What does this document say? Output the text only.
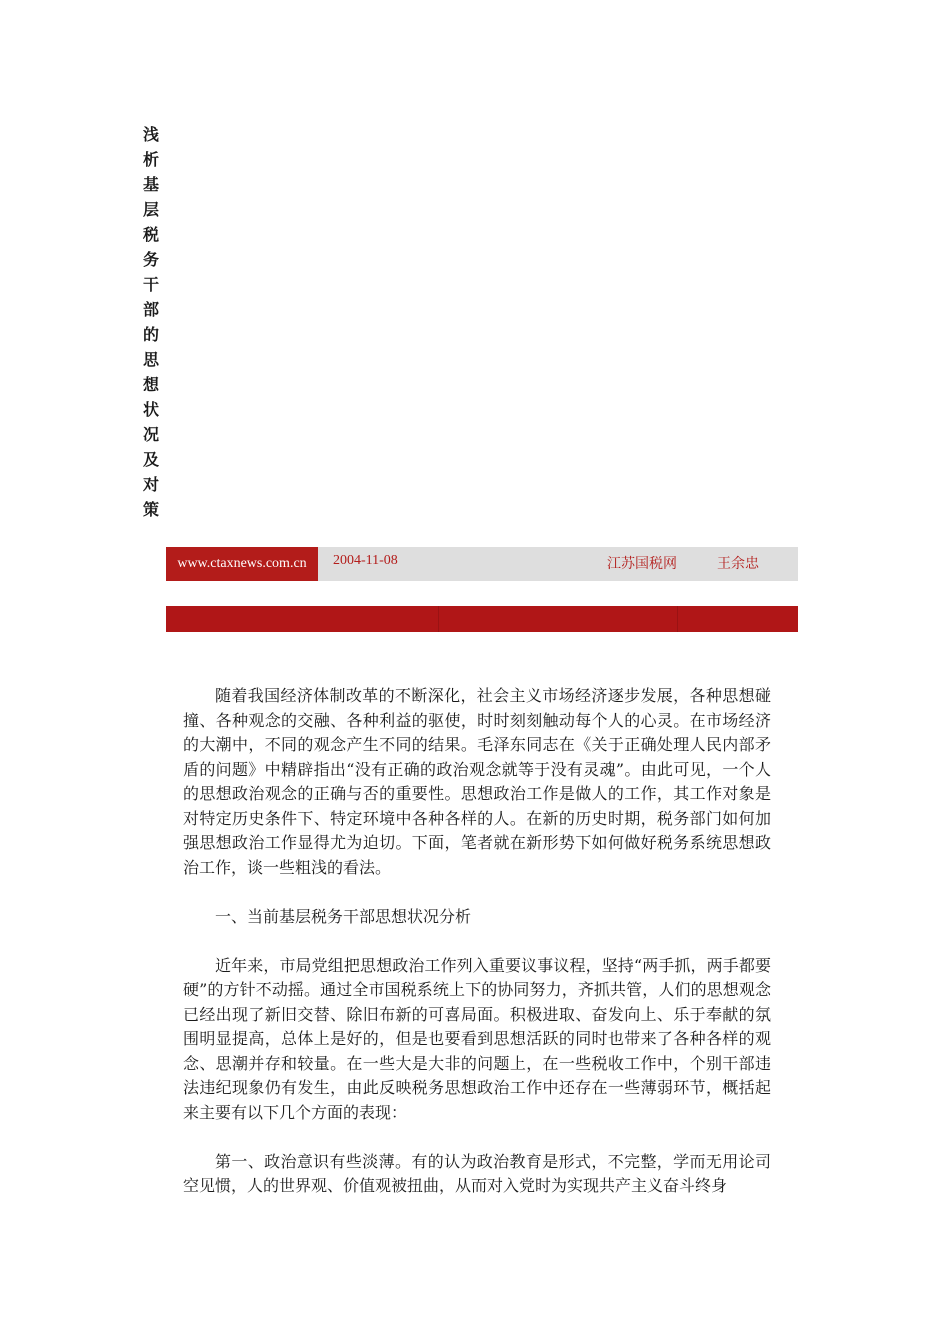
浅
析
基
层
税
务
干
部
的
思
想
状
况
及
对
策
www.ctaxnews.com.cn	2004-11-08	江苏国税网	王余忠

随着我国经济体制改革的不断深化，社会主义市场经济逐步发展，各种思想碰撞、各种观念的交融、各种利益的驱使，时时刻刻触动每个人的心灵。在市场经济的大潮中，不同的观念产生不同的结果。毛泽东同志在《关于正确处理人民内部矛盾的问题》中精辟指出“没有正确的政治观念就等于没有灵魂”。由此可见，一个人的思想政治观念的正确与否的重要性。思想政治工作是做人的工作，其工作对象是对特定历史条件下、特定环境中各种各样的人。在新的历史时期，税务部门如何加强思想政治工作显得尤为迫切。下面，笔者就在新形势下如何做好税务系统思想政治工作，谈一些粗浅的看法。

一、当前基层税务干部思想状况分析

近年来，市局党组把思想政治工作列入重要议事议程，坚持“两手抓，两手都要硬”的方针不动摇。通过全市国税系统上下的协同努力，齐抓共管，人们的思想观念已经出现了新旧交替、除旧布新的可喜局面。积极进取、奋发向上、乐于奉献的氛围明显提高，总体上是好的，但是也要看到思想活跃的同时也带来了各种各样的观念、思潮并存和较量。在一些大是大非的问题上，在一些税收工作中，个别干部违法违纪现象仍有发生，由此反映税务思想政治工作中还存在一些薄弱环节，概括起来主要有以下几个方面的表现：

第一、政治意识有些淡薄。有的认为政治教育是形式，不完整，学而无用论司空见惯，人的世界观、价值观被扭曲，从而对入党时为实现共产主义奋斗终身
